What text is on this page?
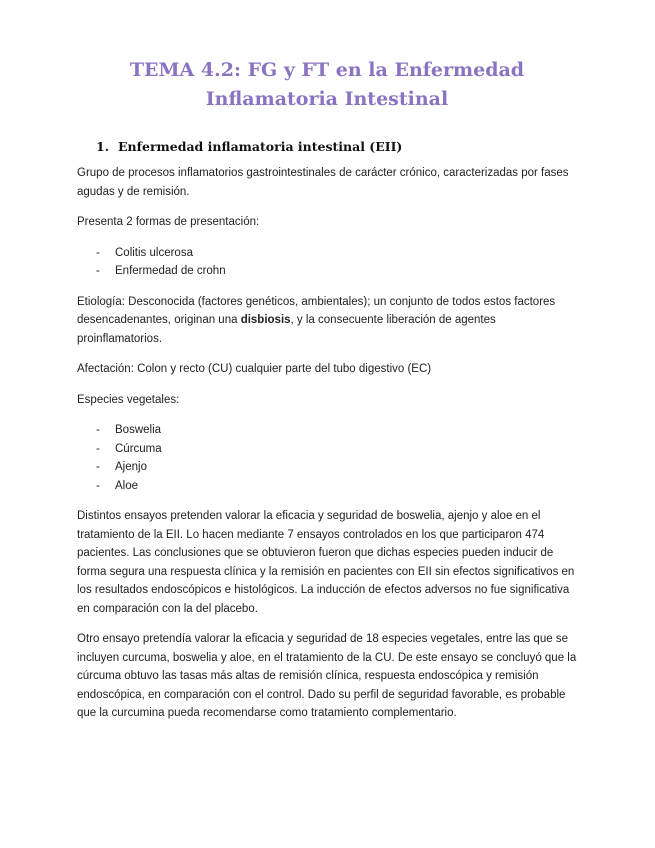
TEMA 4.2: FG y FT en la Enfermedad Inflamatoria Intestinal
1. Enfermedad inflamatoria intestinal (EII)

Grupo de procesos inflamatorios gastrointestinales de carácter crónico, caracterizadas por fases agudas y de remisión.

Presenta 2 formas de presentación:

- Colitis ulcerosa
- Enfermedad de crohn

Etiología: Desconocida (factores genéticos, ambientales); un conjunto de todos estos factores desencadenantes, originan una disbiosis, y la consecuente liberación de agentes proinflamatorios.

Afectación: Colon y recto (CU) cualquier parte del tubo digestivo (EC)

Especies vegetales:

- Boswelia
- Cúrcuma
- Ajenjo
- Aloe

Distintos ensayos pretenden valorar la eficacia y seguridad de boswelia, ajenjo y aloe en el tratamiento de la EII. Lo hacen mediante 7 ensayos controlados en los que participaron 474 pacientes. Las conclusiones que se obtuvieron fueron que dichas especies pueden inducir de forma segura una respuesta clínica y la remisión en pacientes con EII sin efectos significativos en los resultados endoscópicos e histológicos. La inducción de efectos adversos no fue significativa en comparación con la del placebo.

Otro ensayo pretendía valorar la eficacia y seguridad de 18 especies vegetales, entre las que se incluyen curcuma, boswelia y aloe, en el tratamiento de la CU. De este ensayo se concluyó que la cúrcuma obtuvo las tasas más altas de remisión clínica, respuesta endoscópica y remisión endoscópica, en comparación con el control. Dado su perfil de seguridad favorable, es probable que la curcumina pueda recomendarse como tratamiento complementario.
